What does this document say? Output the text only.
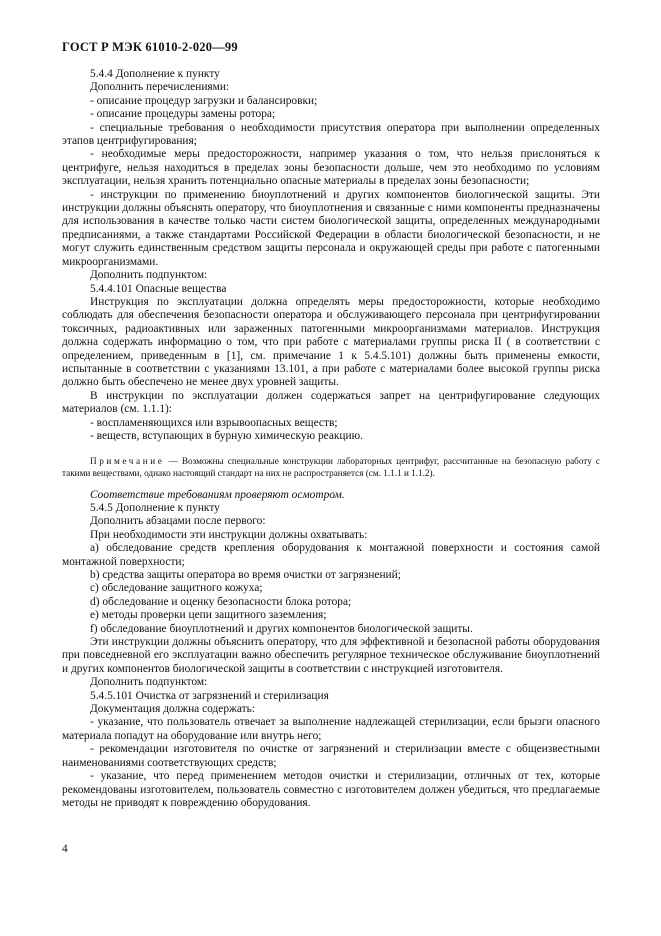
ГОСТ Р МЭК 61010-2-020—99

5.4.4 Дополнение к пункту

Дополнить перечислениями:

- описание процедур загрузки и балансировки;

- описание процедуры замены ротора;

- специальные требования о необходимости присутствия оператора при выполнении определенных этапов центрифугирования;

- необходимые меры предосторожности, например указания о том, что нельзя прислоняться к центрифуге, нельзя находиться в пределах зоны безопасности дольше, чем это необходимо по условиям эксплуатации, нельзя хранить потенциально опасные материалы в пределах зоны безопасности;

- инструкции по применению биоуплотнений и других компонентов биологической защиты. Эти инструкции должны объяснять оператору, что биоуплотнения и связанные с ними компоненты предназначены для использования в качестве только части систем биологической защиты, определенных международными предписаниями, а также стандартами Российской Федерации в области биологической безопасности, и не могут служить единственным средством защиты персонала и окружающей среды при работе с патогенными микроорганизмами.

Дополнить подпунктом:

5.4.4.101 Опасные вещества

Инструкция по эксплуатации должна определять меры предосторожности, которые необходимо соблюдать для обеспечения безопасности оператора и обслуживающего персонала при центрифугировании токсичных, радиоактивных или зараженных патогенными микроорганизмами материалов. Инструкция должна содержать информацию о том, что при работе с материалами группы риска II ( в соответствии с определением, приведенным в [1], см. примечание 1 к 5.4.5.101) должны быть применены емкости, испытанные в соответствии с указаниями 13.101, а при работе с материалами более высокой группы риска должно быть обеспечено не менее двух уровней защиты.

В инструкции по эксплуатации должен содержаться запрет на центрифугирование следующих материалов (см. 1.1.1):

- воспламеняющихся или взрывоопасных веществ;

- веществ, вступающих в бурную химическую реакцию.

Примечание — Возможны специальные конструкции лабораторных центрифуг, рассчитанные на безопасную работу с такими веществами, однако настоящий стандарт на них не распространяется (см. 1.1.1 и 1.1.2).

Соответствие требованиям проверяют осмотром.

5.4.5 Дополнение к пункту

Дополнить абзацами после первого:

При необходимости эти инструкции должны охватывать:

а) обследование средств крепления оборудования к монтажной поверхности и состояния самой монтажной поверхности;

b) средства защиты оператора во время очистки от загрязнений;

c) обследование защитного кожуха;

d) обследование и оценку безопасности блока ротора;

e) методы проверки цепи защитного заземления;

f) обследование биоуплотнений и других компонентов биологической защиты.

Эти инструкции должны объяснить оператору, что для эффективной и безопасной работы оборудования при повседневной его эксплуатации важно обеспечить регулярное техническое обслуживание биоуплотнений и других компонентов биологической защиты в соответствии с инструкцией изготовителя.

Дополнить подпунктом:

5.4.5.101 Очистка от загрязнений и стерилизация

Документация должна содержать:

- указание, что пользователь отвечает за выполнение надлежащей стерилизации, если брызги опасного материала попадут на оборудование или внутрь него;

- рекомендации изготовителя по очистке от загрязнений и стерилизации вместе с общеизвестными наименованиями соответствующих средств;

- указание, что перед применением методов очистки и стерилизации, отличных от тех, которые рекомендованы изготовителем, пользователь совместно с изготовителем должен убедиться, что предлагаемые методы не приводят к повреждению оборудования.

4
